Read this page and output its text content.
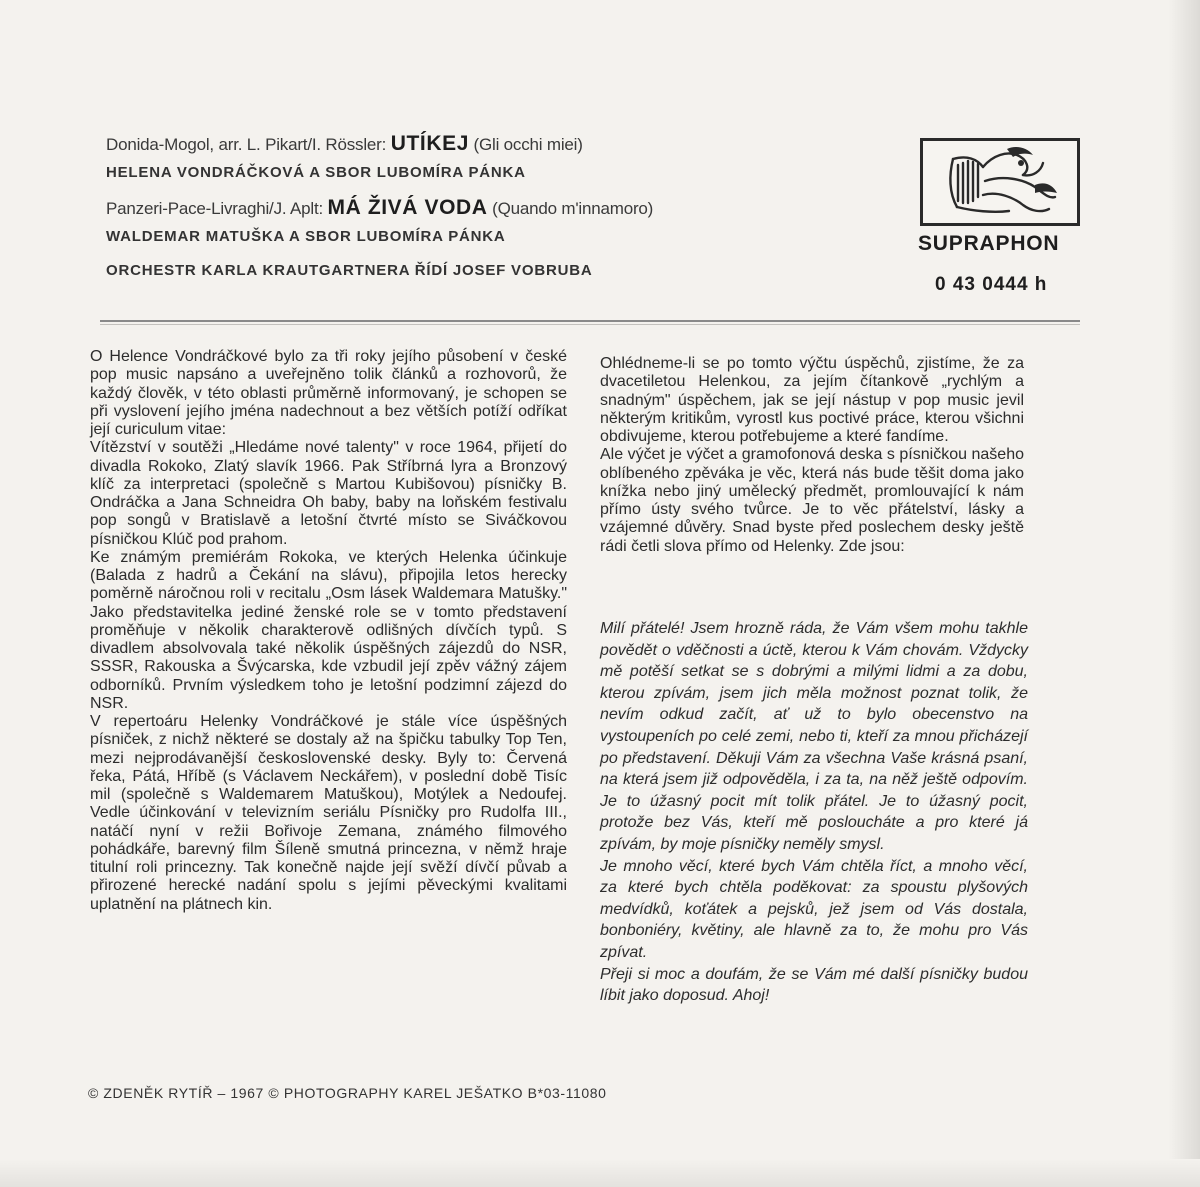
Donida-Mogol, arr. L. Pikart/I. Rössler: UTÍKEJ (Gli occhi miei)
HELENA VONDRÁČKOVÁ A SBOR LUBOMÍRA PÁNKA
Panzeri-Pace-Livraghi/J. Aplt: MÁ ŽIVÁ VODA (Quando m'innamoro)
WALDEMAR MATUŠKA A SBOR LUBOMÍRA PÁNKA
ORCHESTR KARLA KRAUTGARTNERA ŘÍDÍ JOSEF VOBRUBA
SUPRAPHON
0 43 0444 h

O Helence Vondráčkové bylo za tři roky jejího působení v české pop music napsáno a uveřejněno tolik článků a rozhovorů, že každý člověk, v této oblasti průměrně informovaný, je schopen se při vyslovení jejího jména nadechnout a bez větších potíží odříkat její curiculum vitae:

Vítězství v soutěži „Hledáme nové talenty" v roce 1964, přijetí do divadla Rokoko, Zlatý slavík 1966. Pak Stříbrná lyra a Bronzový klíč za interpretaci (společně s Martou Kubišovou) písničky B. Ondráčka a Jana Schneidra Oh baby, baby na loňském festivalu pop songů v Bratislavě a letošní čtvrté místo se Siváčkovou písničkou Klúč pod prahom.

Ke známým premiérám Rokoka, ve kterých Helenka účinkuje (Balada z hadrů a Čekání na slávu), připojila letos herecky poměrně náročnou roli v recitalu „Osm lásek Waldemara Matušky." Jako představitelka jediné ženské role se v tomto představení proměňuje v několik charakterově odlišných dívčích typů. S divadlem absolvovala také několik úspěšných zájezdů do NSR, SSSR, Rakouska a Švýcarska, kde vzbudil její zpěv vážný zájem odborníků. Prvním výsledkem toho je letošní podzimní zájezd do NSR.

V repertoáru Helenky Vondráčkové je stále více úspěšných písniček, z nichž některé se dostaly až na špičku tabulky Top Ten, mezi nejprodávanější československé desky. Byly to: Červená řeka, Pátá, Hříbě (s Václavem Neckářem), v poslední době Tisíc mil (společně s Waldemarem Matuškou), Motýlek a Nedoufej. Vedle účinkování v televizním seriálu Písničky pro Rudolfa III., natáčí nyní v režii Bořivoje Zemana, známého filmového pohádkáře, barevný film Šíleně smutná princezna, v němž hraje titulní roli princezny. Tak konečně najde její svěží dívčí půvab a přirozené herecké nadání spolu s jejími pěveckými kvalitami uplatnění na plátnech kin.

Ohlédneme-li se po tomto výčtu úspěchů, zjistíme, že za dvacetiletou Helenkou, za jejím čítankově „rychlým a snadným" úspěchem, jak se její nástup v pop music jevil některým kritikům, vyrostl kus poctivé práce, kterou všichni obdivujeme, kterou potřebujeme a které fandíme.

Ale výčet je výčet a gramofonová deska s písničkou našeho oblíbeného zpěváka je věc, která nás bude těšit doma jako knížka nebo jiný umělecký předmět, promlouvající k nám přímo ústy svého tvůrce. Je to věc přátelství, lásky a vzájemné důvěry. Snad byste před poslechem desky ještě rádi četli slova přímo od Helenky. Zde jsou:

Milí přátelé! Jsem hrozně ráda, že Vám všem mohu takhle povědět o vděčnosti a úctě, kterou k Vám chovám. Vždycky mě potěší setkat se s dobrými a milými lidmi a za dobu, kterou zpívám, jsem jich měla možnost poznat tolik, že nevím odkud začít, ať už to bylo obecenstvo na vystoupeních po celé zemi, nebo ti, kteří za mnou přicházejí po představení. Děkuji Vám za všechna Vaše krásná psaní, na která jsem již odpověděla, i za ta, na něž ještě odpovím. Je to úžasný pocit mít tolik přátel. Je to úžasný pocit, protože bez Vás, kteří mě posloucháte a pro které já zpívám, by moje písničky neměly smysl.

Je mnoho věcí, které bych Vám chtěla říct, a mnoho věcí, za které bych chtěla poděkovat: za spoustu plyšových medvídků, koťátek a pejsků, jež jsem od Vás dostala, bonboniéry, květiny, ale hlavně za to, že mohu pro Vás zpívat.

Přeji si moc a doufám, že se Vám mé další písničky budou líbit jako doposud. Ahoj!

© ZDENĚK RYTÍŘ – 1967 © PHOTOGRAPHY KAREL JEŠATKO B*03-11080
